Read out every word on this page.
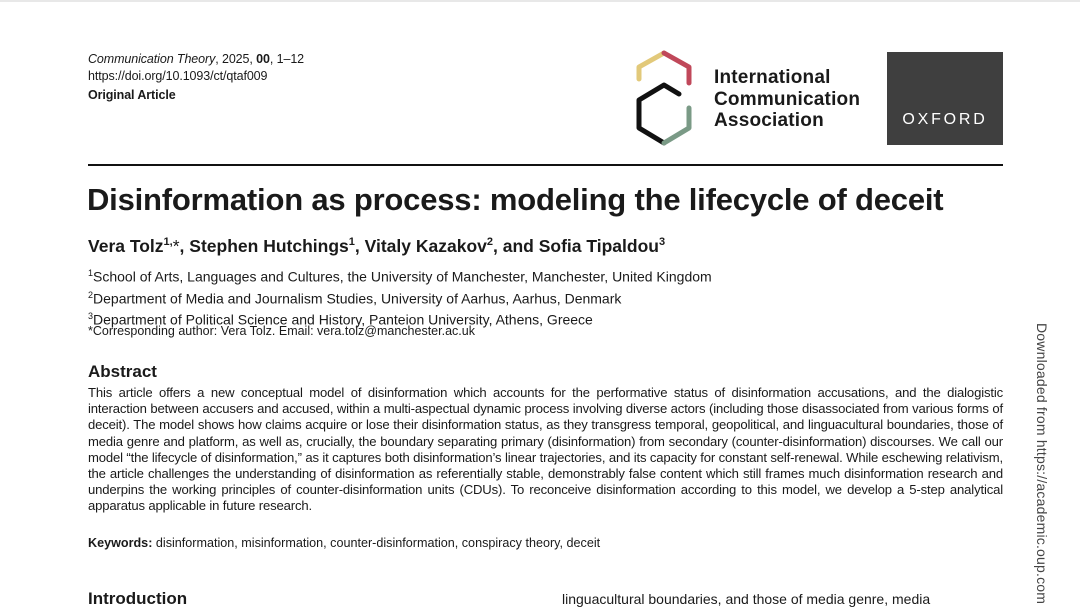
Communication Theory, 2025, 00, 1–12
https://doi.org/10.1093/ct/qtaf009
Original Article
International
Communication
Association	OXFORD
Disinformation as process: modeling the lifecycle of deceit
Vera Tolz$^{1,}$*, Stephen Hutchings$^1$, Vitaly Kazakov$^2$, and Sofia Tipaldou$^3$
$^1$School of Arts, Languages and Cultures, the University of Manchester, Manchester, United Kingdom
$^2$Department of Media and Journalism Studies, University of Aarhus, Aarhus, Denmark
$^3$Department of Political Science and History, Panteion University, Athens, Greece
*Corresponding author: Vera Tolz. Email: vera.tolz@manchester.ac.uk
Abstract
This article offers a new conceptual model of disinformation which accounts for the performative status of disinformation accusations, and the dialogistic interaction between accusers and accused, within a multi-aspectual dynamic process involving diverse actors (including those disassociated from various forms of deceit). The model shows how claims acquire or lose their disinformation status, as they transgress temporal, geopolitical, and linguacultural boundaries, those of media genre and platform, as well as, crucially, the boundary separating primary (disinformation) from secondary (counter-disinformation) discourses. We call our model “the lifecycle of disinformation,” as it captures both disinformation’s linear trajectories, and its capacity for constant self-renewal. While eschewing relativism, the article challenges the understanding of disinformation as referentially stable, demonstrably false content which still frames much disinformation research and underpins the working principles of counter-disinformation units (CDUs). To reconceive disinformation according to this model, we develop a 5-step analytical apparatus applicable in future research.
Keywords: disinformation, misinformation, counter-disinformation, conspiracy theory, deceit
Introduction	linguacultural boundaries, and those of media genre, media	Downloaded from https://academic.oup.com
